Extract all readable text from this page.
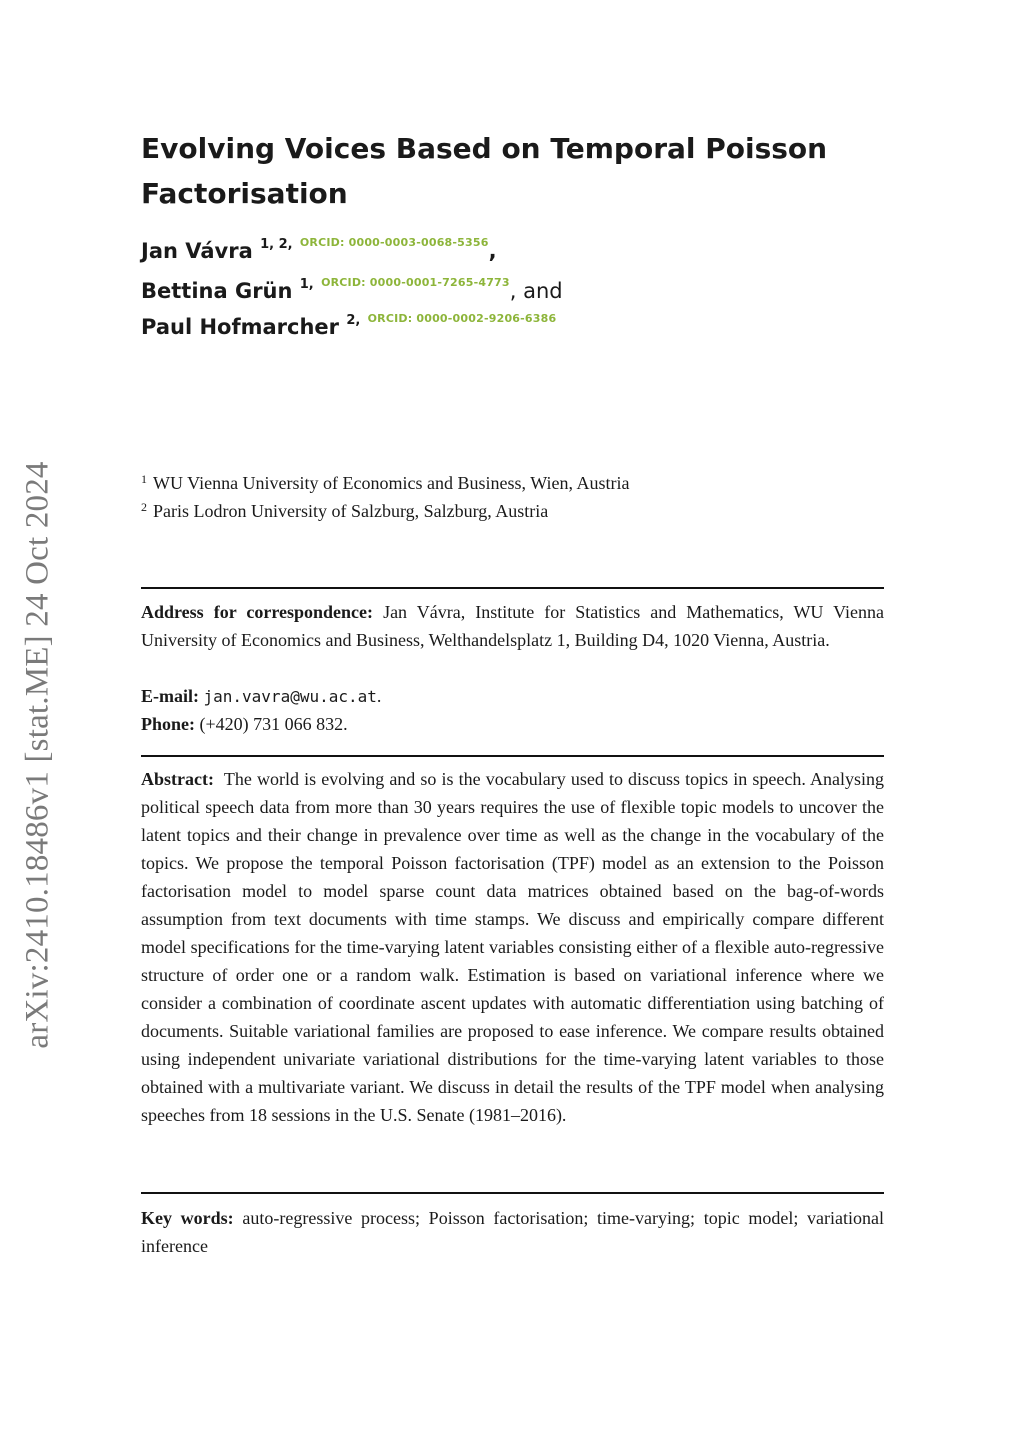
arXiv:2410.18486v1 [stat.ME] 24 Oct 2024
Evolving Voices Based on Temporal Poisson Factorisation
Jan Vávra $^{1, 2,}$ $^{ORCID: 0000-0003-0068-5356}$,
Bettina Grün $^{1,}$ $^{ORCID: 0000-0001-7265-4773}$, and
Paul Hofmarcher $^{2,}$ $^{ORCID: 0000-0002-9206-6386}$
$^1$ WU Vienna University of Economics and Business, Wien, Austria
$^2$ Paris Lodron University of Salzburg, Salzburg, Austria
Address for correspondence: Jan Vávra, Institute for Statistics and Mathematics, WU Vienna University of Economics and Business, Welthandelsplatz 1, Building D4, 1020 Vienna, Austria.
E-mail: jan.vavra@wu.ac.at.
Phone: (+420) 731 066 832.
Abstract: The world is evolving and so is the vocabulary used to discuss topics in speech. Analysing political speech data from more than 30 years requires the use of flexible topic models to uncover the latent topics and their change in prevalence over time as well as the change in the vocabulary of the topics. We propose the temporal Poisson factorisation (TPF) model as an extension to the Poisson factorisation model to model sparse count data matrices obtained based on the bag-of-words assumption from text documents with time stamps. We discuss and empirically compare different model specifications for the time-varying latent variables consisting either of a flexible auto-regressive structure of order one or a random walk. Estimation is based on variational inference where we consider a combination of coordinate ascent updates with automatic differentiation using batching of documents. Suitable variational families are proposed to ease inference. We compare results obtained using independent univariate variational distributions for the time-varying latent variables to those obtained with a multivariate variant. We discuss in detail the results of the TPF model when analysing speeches from 18 sessions in the U.S. Senate (1981–2016).
Key words: auto-regressive process; Poisson factorisation; time-varying; topic model; variational inference
